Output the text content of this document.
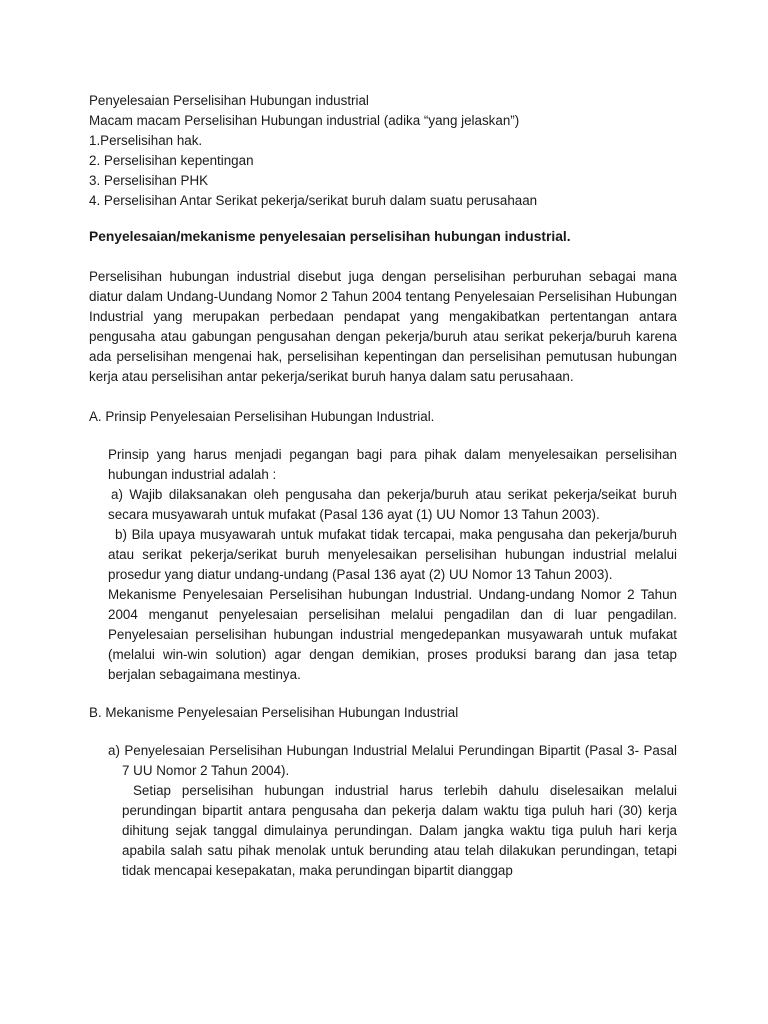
Penyelesaian Perselisihan Hubungan industrial

Macam macam Perselisihan Hubungan industrial (adika “yang jelaskan”)

1.Perselisihan hak.

2. Perselisihan kepentingan

3. Perselisihan PHK

4. Perselisihan Antar Serikat pekerja/serikat buruh dalam suatu perusahaan

Penyelesaian/mekanisme penyelesaian perselisihan hubungan industrial.

Perselisihan hubungan industrial disebut juga dengan perselisihan perburuhan sebagai mana diatur dalam Undang-Uundang Nomor 2 Tahun 2004 tentang Penyelesaian Perselisihan Hubungan Industrial yang merupakan perbedaan pendapat yang mengakibatkan pertentangan antara pengusaha atau gabungan pengusahan dengan pekerja/buruh atau serikat pekerja/buruh karena ada perselisihan mengenai hak, perselisihan kepentingan dan perselisihan pemutusan hubungan kerja atau perselisihan antar pekerja/serikat buruh hanya dalam satu perusahaan.

A. Prinsip Penyelesaian Perselisihan Hubungan Industrial.

Prinsip yang harus menjadi pegangan bagi para pihak dalam menyelesaikan perselisihan hubungan industrial adalah :

a) Wajib dilaksanakan oleh pengusaha dan pekerja/buruh atau serikat pekerja/seikat buruh secara musyawarah untuk mufakat (Pasal 136 ayat (1) UU Nomor 13 Tahun 2003).

b) Bila upaya musyawarah untuk mufakat tidak tercapai, maka pengusaha dan pekerja/buruh atau serikat pekerja/serikat buruh menyelesaikan perselisihan hubungan industrial melalui prosedur yang diatur undang-undang (Pasal 136 ayat (2) UU Nomor 13 Tahun 2003).

Mekanisme Penyelesaian Perselisihan hubungan Industrial. Undang-undang Nomor 2 Tahun 2004 menganut penyelesaian perselisihan melalui pengadilan dan di luar pengadilan. Penyelesaian perselisihan hubungan industrial mengedepankan musyawarah untuk mufakat (melalui win-win solution) agar dengan demikian, proses produksi barang dan jasa tetap berjalan sebagaimana mestinya.

B. Mekanisme Penyelesaian Perselisihan Hubungan Industrial

a) Penyelesaian Perselisihan Hubungan Industrial Melalui Perundingan Bipartit (Pasal 3- Pasal 7 UU Nomor 2 Tahun 2004).

Setiap perselisihan hubungan industrial harus terlebih dahulu diselesaikan melalui perundingan bipartit antara pengusaha dan pekerja dalam waktu tiga puluh hari (30) kerja dihitung sejak tanggal dimulainya perundingan. Dalam jangka waktu tiga puluh hari kerja apabila salah satu pihak menolak untuk berunding atau telah dilakukan perundingan, tetapi tidak mencapai kesepakatan, maka perundingan bipartit dianggap
